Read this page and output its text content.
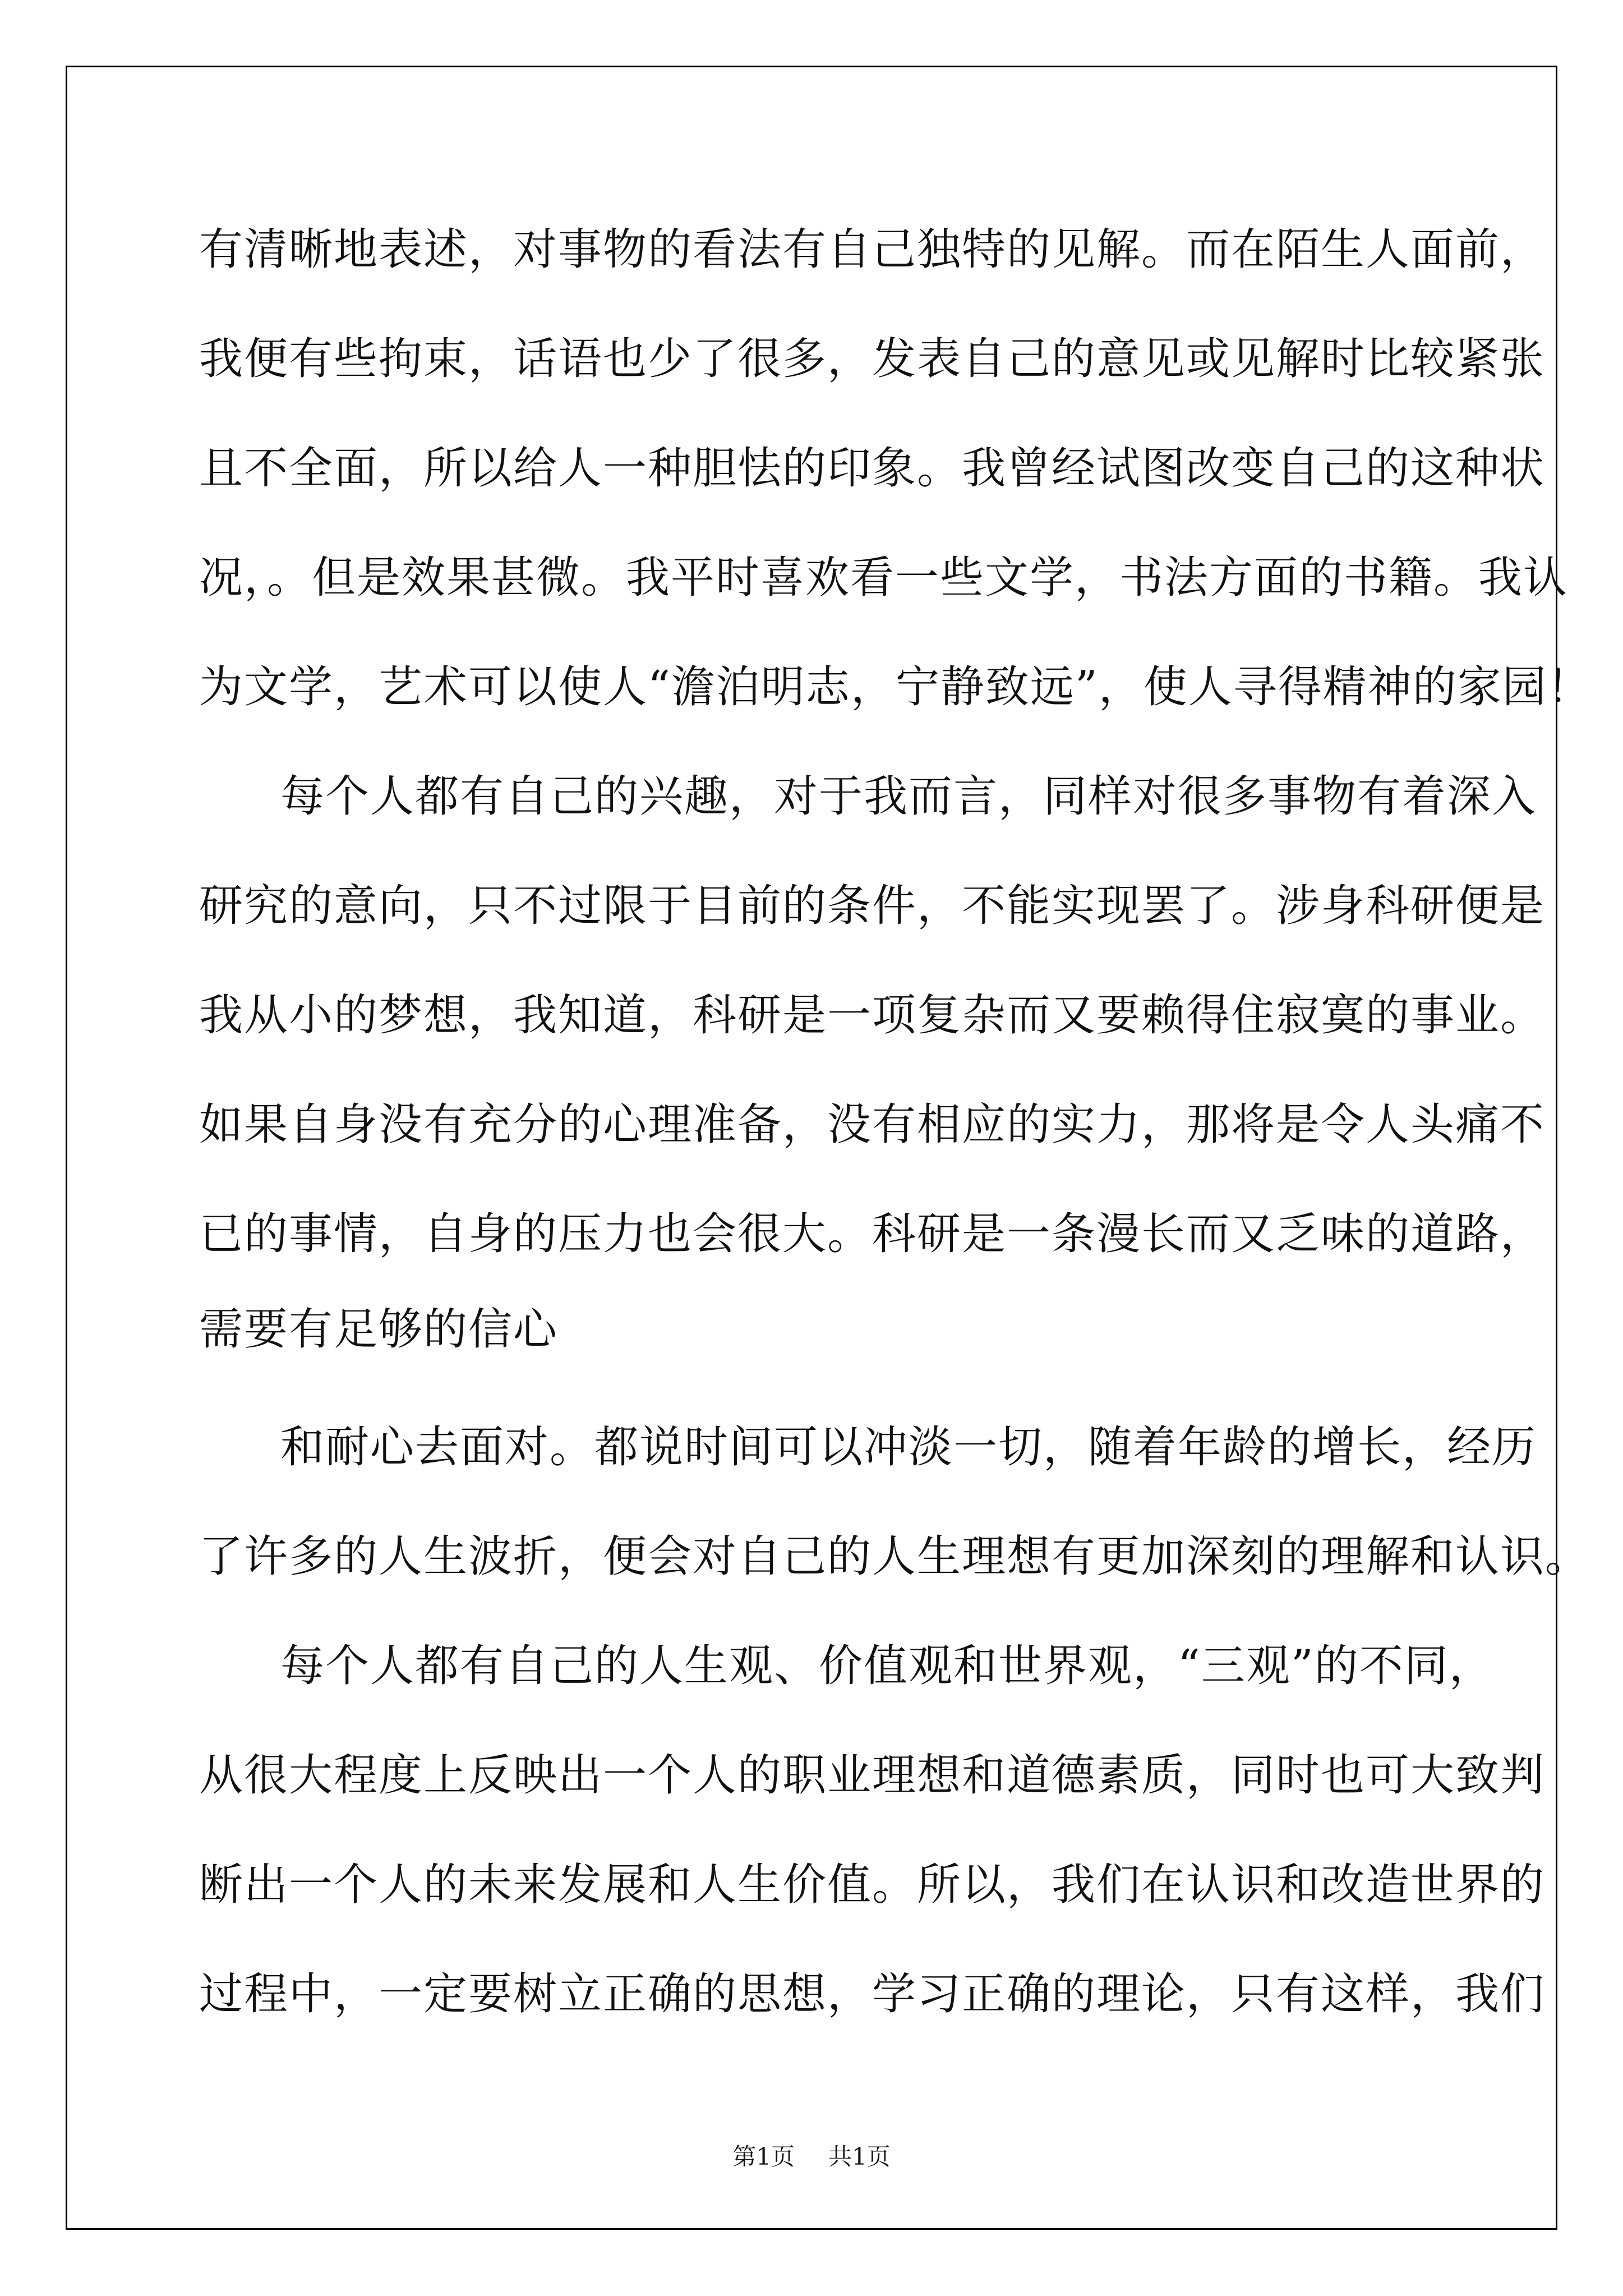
有清晰地表述，对事物的看法有自己独特的见解。而在陌生人面前，
我便有些拘束，话语也少了很多，发表自己的意见或见解时比较紧张
且不全面，所以给人一种胆怯的印象。我曾经试图改变自己的这种状
况，。但是效果甚微。我平时喜欢看一些文学，书法方面的书籍。我认
为文学，艺术可以使人“澹泊明志，宁静致远”，使人寻得精神的家园！
每个人都有自己的兴趣，对于我而言，同样对很多事物有着深入
研究的意向，只不过限于目前的条件，不能实现罢了。涉身科研便是
我从小的梦想，我知道，科研是一项复杂而又要赖得住寂寞的事业。
如果自身没有充分的心理准备，没有相应的实力，那将是令人头痛不
已的事情，自身的压力也会很大。科研是一条漫长而又乏味的道路，
需要有足够的信心
和耐心去面对。都说时间可以冲淡一切，随着年龄的增长，经历
了许多的人生波折，便会对自己的人生理想有更加深刻的理解和认识。
每个人都有自己的人生观、价值观和世界观，“三观”的不同，
从很大程度上反映出一个人的职业理想和道德素质，同时也可大致判
断出一个人的未来发展和人生价值。所以，我们在认识和改造世界的
过程中，一定要树立正确的思想，学习正确的理论，只有这样，我们
第1页 共1页
